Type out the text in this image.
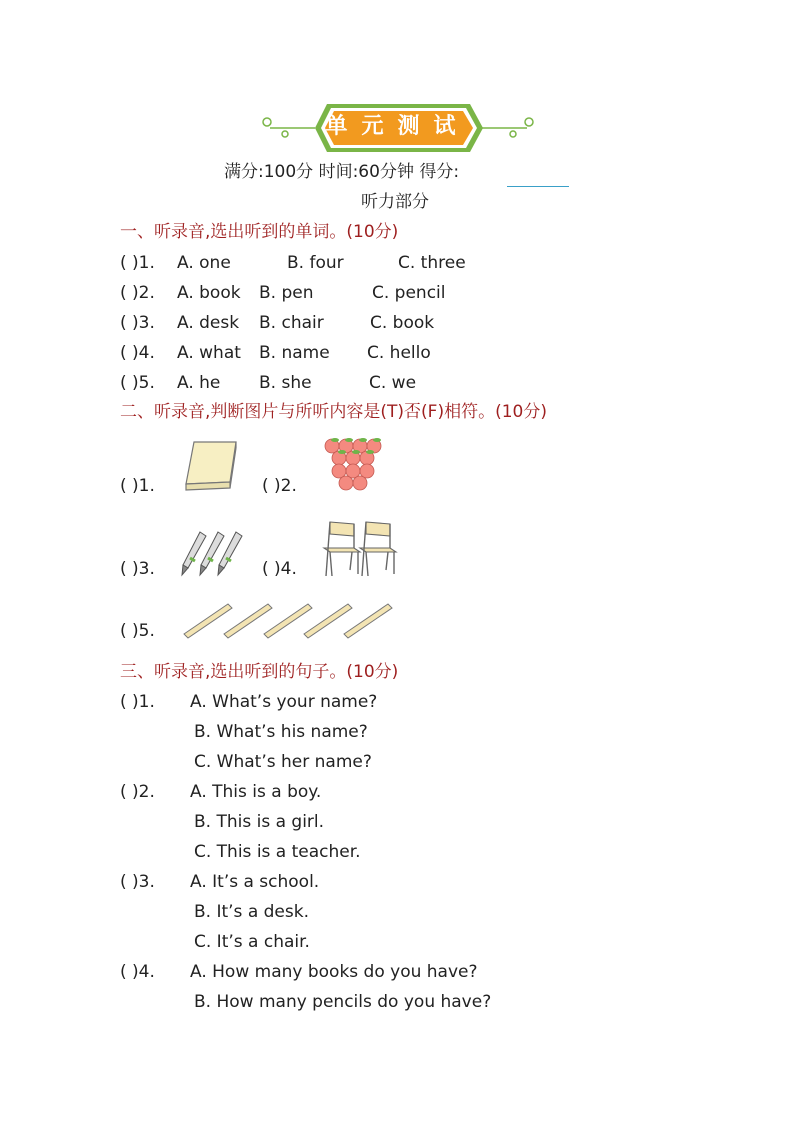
单元测试
满分:100分 时间:60分钟 得分:
听力部分
一、听录音,选出听到的单词。(10分)
( )1. A. one	B. four	C. three
( )2. A. book B. pen	C. pencil
( )3. A. desk B. chair	C. book
( )4. A. what B. name C. hello
( )5. A. he B. she	C. we
二、听录音,判断图片与所听内容是(T)否(F)相符。(10分)
( )1.	( )2.
( )3.	( )4.
( )5.
三、听录音,选出听到的句子。(10分)
( )1. A. What’s your name?
B. What’s his name?
C. What’s her name?
( )2. A. This is a boy.
B. This is a girl.
C. This is a teacher.
( )3. A. It’s a school.
B. It’s a desk.
C. It’s a chair.
( )4. A. How many books do you have?
B. How many pencils do you have?
